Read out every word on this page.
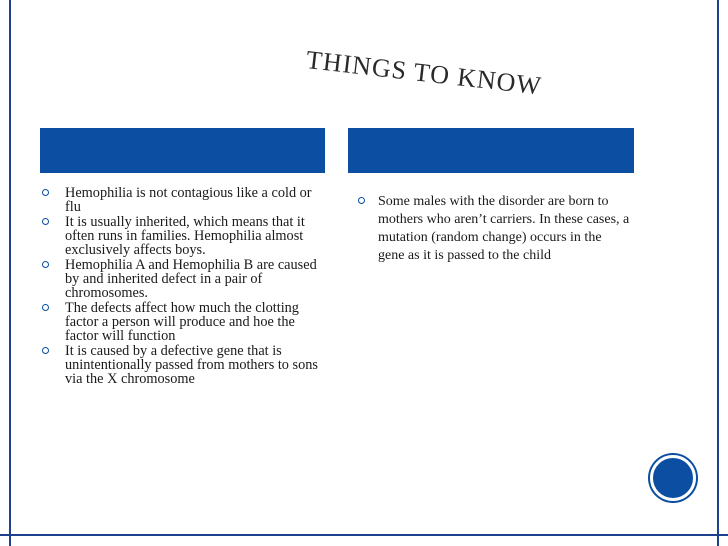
THINGS TO KNOW
Hemophilia is not contagious like a cold or flu
It is usually inherited, which means that it often runs in families. Hemophilia almost exclusively affects boys.
Hemophilia A and Hemophilia B are caused by and inherited defect in a pair of chromosomes.
The defects affect how much the clotting factor a person will produce and hoe the factor will function
It is caused by a defective gene that is unintentionally passed from mothers to sons via the X chromosome
Some males with the disorder are born to mothers who aren’t carriers. In these cases, a mutation (random change) occurs in the gene as it is passed to the child
